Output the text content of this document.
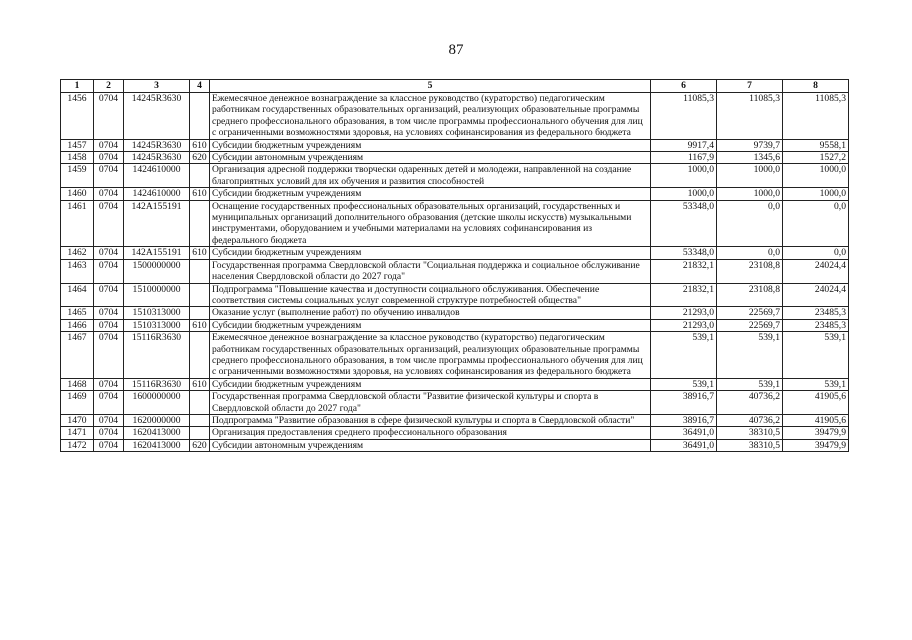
87
1	2	3	4	5	6	7	8
1456	0704	14245R3630		Ежемесячное денежное вознаграждение за классное руководство (кураторство) педагогическим работникам государственных образовательных организаций, реализующих образовательные программы среднего профессионального образования, в том числе программы профессионального обучения для лиц с ограниченными возможностями здоровья, на условиях софинансирования из федерального бюджета	11085,3	11085,3	11085,3
1457	0704	14245R3630	610	Субсидии бюджетным учреждениям	9917,4	9739,7	9558,1
1458	0704	14245R3630	620	Субсидии автономным учреждениям	1167,9	1345,6	1527,2
1459	0704	1424610000		Организация адресной поддержки творчески одаренных детей и молодежи, направленной на создание благоприятных условий для их обучения и развития способностей	1000,0	1000,0	1000,0
1460	0704	1424610000	610	Субсидии бюджетным учреждениям	1000,0	1000,0	1000,0
1461	0704	142А155191		Оснащение государственных профессиональных образовательных организаций, государственных и муниципальных организаций дополнительного образования (детские школы искусств) музыкальными инструментами, оборудованием и учебными материалами на условиях софинансирования из федерального бюджета	53348,0	0,0	0,0
1462	0704	142А155191	610	Субсидии бюджетным учреждениям	53348,0	0,0	0,0
1463	0704	1500000000		Государственная программа Свердловской области "Социальная поддержка и социальное обслуживание населения Свердловской области до 2027 года"	21832,1	23108,8	24024,4
1464	0704	1510000000		Подпрограмма "Повышение качества и доступности социального обслуживания. Обеспечение соответствия системы социальных услуг современной структуре потребностей общества"	21832,1	23108,8	24024,4
1465	0704	1510313000		Оказание услуг (выполнение работ) по обучению инвалидов	21293,0	22569,7	23485,3
1466	0704	1510313000	610	Субсидии бюджетным учреждениям	21293,0	22569,7	23485,3
1467	0704	15116R3630		Ежемесячное денежное вознаграждение за классное руководство (кураторство) педагогическим работникам государственных образовательных организаций, реализующих образовательные программы среднего профессионального образования, в том числе программы профессионального обучения для лиц с ограниченными возможностями здоровья, на условиях софинансирования из федерального бюджета	539,1	539,1	539,1
1468	0704	15116R3630	610	Субсидии бюджетным учреждениям	539,1	539,1	539,1
1469	0704	1600000000		Государственная программа Свердловской области "Развитие физической культуры и спорта в Свердловской области до 2027 года"	38916,7	40736,2	41905,6
1470	0704	1620000000		Подпрограмма "Развитие образования в сфере физической культуры и спорта в Свердловской области"	38916,7	40736,2	41905,6
1471	0704	1620413000		Организация предоставления среднего профессионального образования	36491,0	38310,5	39479,9
1472	0704	1620413000	620	Субсидии автономным учреждениям	36491,0	38310,5	39479,9
